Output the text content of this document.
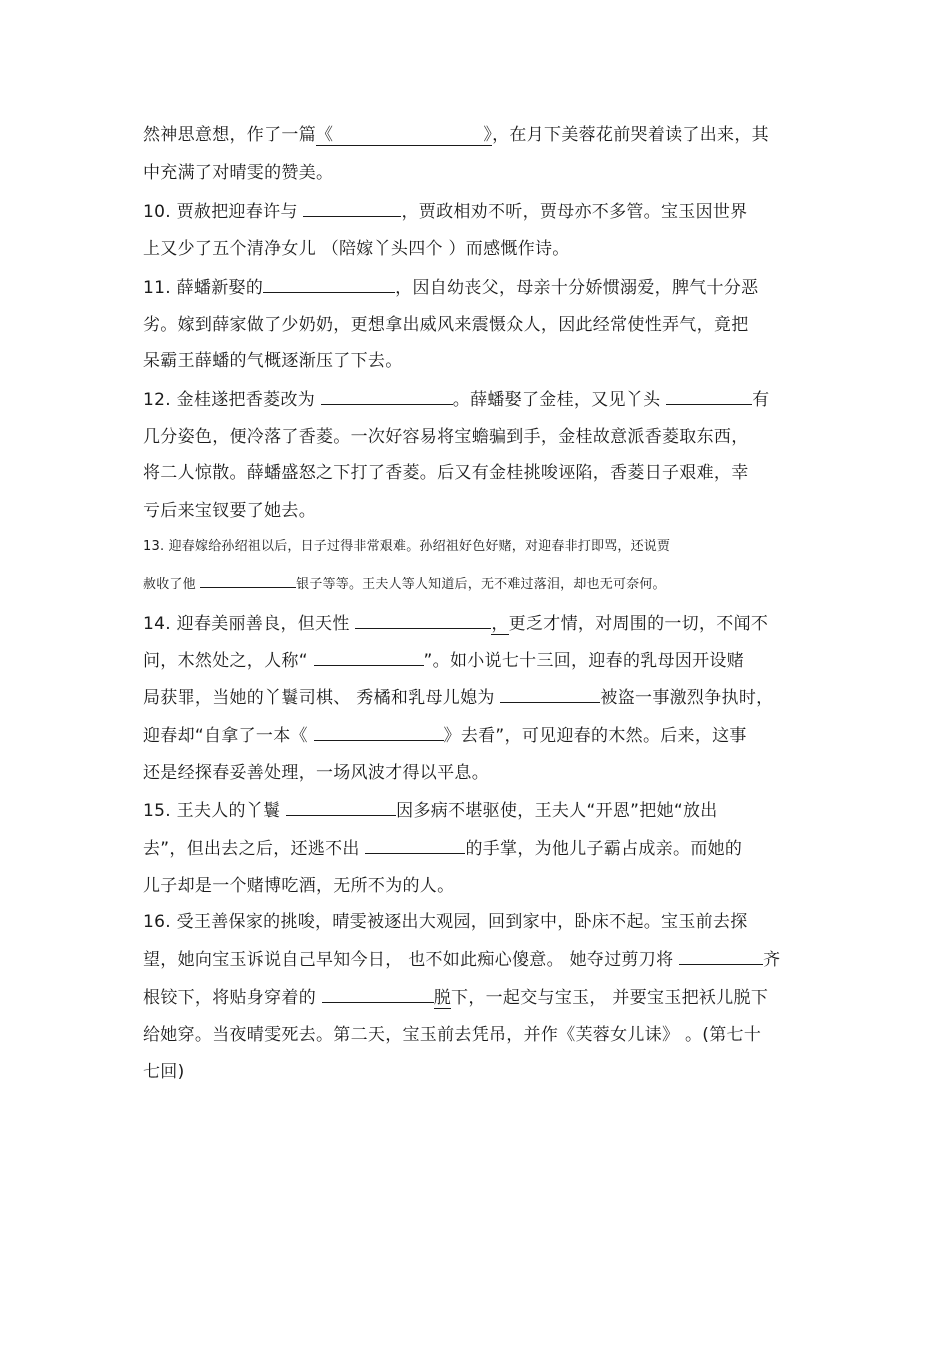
然神思意想，作了一篇《	》，在月下美蓉花前哭着读了出来，其

中充满了对晴雯的赞美。

10. 贾赦把迎春许与	，贾政相劝不听，贾母亦不多管。宝玉因世界

上又少了五个清净女儿 （陪嫁丫头四个 ）而感慨作诗。

11. 薛蟠新娶的	，因自幼丧父，母亲十分娇惯溺爱，脾气十分恶

劣。嫁到薛家做了少奶奶，更想拿出威风来震慑众人，因此经常使性弄气，竟把

呆霸王薛蟠的气概逐渐压了下去。

12. 金桂遂把香菱改为	。薛蟠娶了金桂，又见丫头	有

几分姿色，便冷落了香菱。一次好容易将宝蟾骗到手，金桂故意派香菱取东西，

将二人惊散。薛蟠盛怒之下打了香菱。后又有金桂挑唆诬陷，香菱日子艰难，幸

亏后来宝钗要了她去。

13. 迎春嫁给孙绍祖以后，日子过得非常艰难。孙绍祖好色好赌，对迎春非打即骂，还说贾

赦收了他	银子等等。王夫人等人知道后，无不难过落泪，却也无可奈何。

14. 迎春美丽善良，但天性	，更乏才情，对周围的一切，不闻不

问，木然处之，人称“	”。如小说七十三回，迎春的乳母因开设赌

局获罪，当她的丫鬟司棋、 秀橘和乳母儿媳为	被盗一事激烈争执时，

迎春却“自拿了一本《	》去看”，可见迎春的木然。后来，这事

还是经探春妥善处理，一场风波才得以平息。

15. 王夫人的丫鬟	因多病不堪驱使，王夫人“开恩”把她“放出

去”，但出去之后，还逃不出	的手掌，为他儿子霸占成亲。而她的

儿子却是一个赌博吃酒，无所不为的人。

16. 受王善保家的挑唆，晴雯被逐出大观园，回到家中，卧床不起。宝玉前去探

望，她向宝玉诉说自己早知今日， 也不如此痴心傻意。 她夺过剪刀将	齐

根铰下，将贴身穿着的	脱下，一起交与宝玉， 并要宝玉把袄儿脱下

给她穿。当夜晴雯死去。第二天，宝玉前去凭吊，并作《芙蓉女儿诔》 。(第七十

七回)
